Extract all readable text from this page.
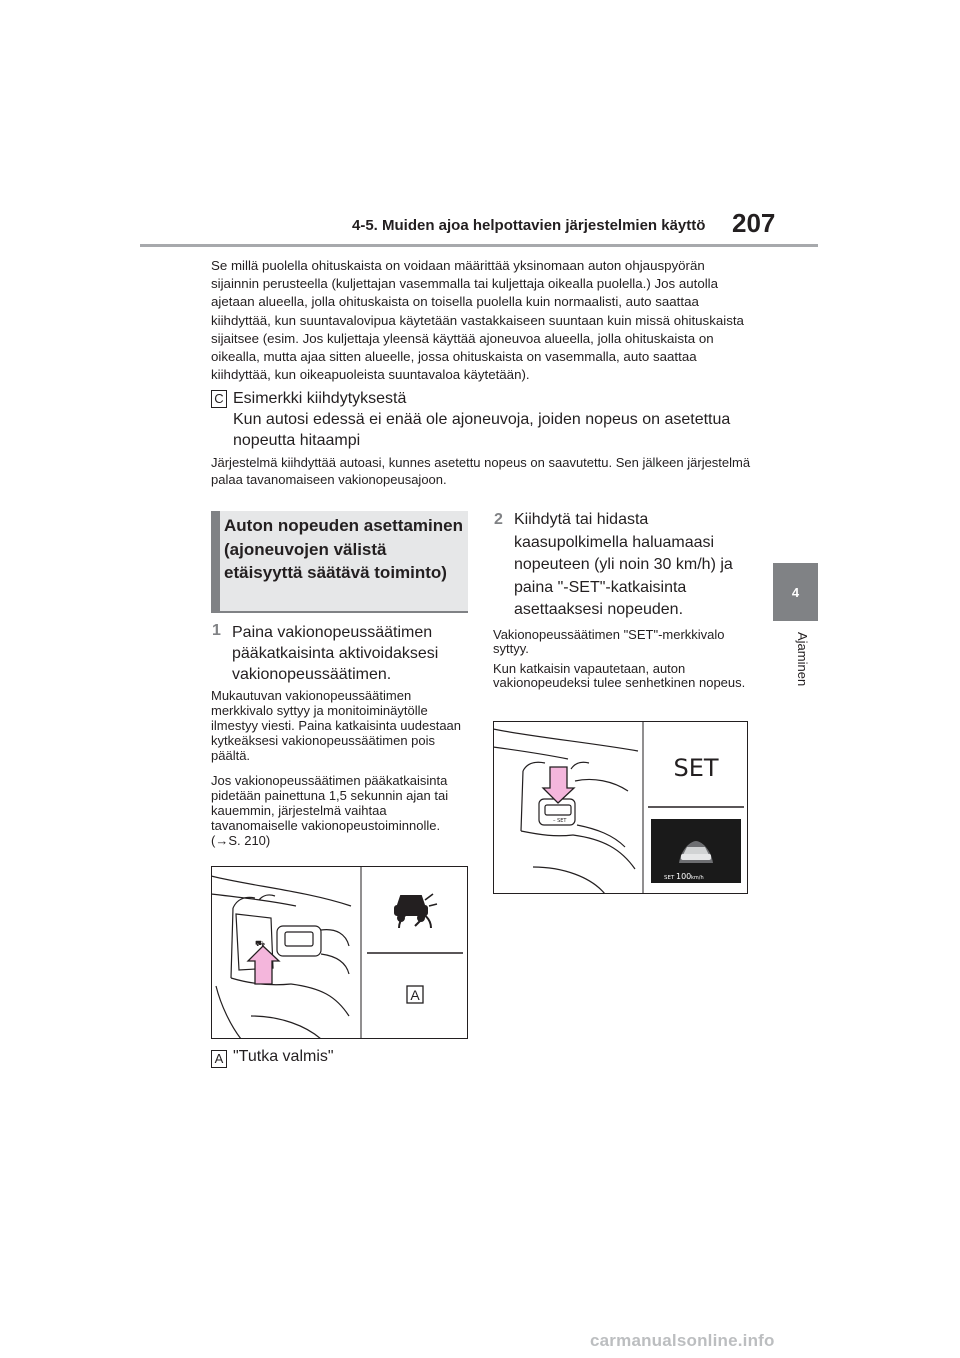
4-5. Muiden ajoa helpottavien järjestelmien käyttö 207
4
Ajaminen
Se millä puolella ohituskaista on voidaan määrittää yksinomaan auton ohjauspyörän sijainnin perusteella (kuljettajan vasemmalla tai kuljettaja oikealla puolella.) Jos autolla ajetaan alueella, jolla ohituskaista on toisella puolella kuin normaalisti, auto saattaa kiihdyttää, kun suuntavalovipua käytetään vastakkaiseen suuntaan kuin missä ohituskaista sijaitsee (esim. Jos kuljettaja yleensä käyttää ajoneuvoa alueella, jolla ohituskaista on oikealla, mutta ajaa sitten alueelle, jossa ohituskaista on vasemmalla, auto saattaa kiihdyttää, kun oikeapuoleista suuntavaloa käytetään).
C Esimerkki kiihdytyksestä
Kun autosi edessä ei enää ole ajoneuvoja, joiden nopeus on asetettua nopeutta hitaampi
Järjestelmä kiihdyttää autoasi, kunnes asetettu nopeus on saavutettu. Sen jälkeen järjestelmä palaa tavanomaiseen vakionopeusajoon.
Auton nopeuden asettaminen (ajoneuvojen välistä etäisyyttä säätävä toiminto)
1 Paina vakionopeussäätimen pääkatkaisinta aktivoidaksesi vakionopeussäätimen.
Mukautuvan vakionopeussäätimen merkkivalo syttyy ja monitoiminäytölle ilmestyy viesti. Paina katkaisinta uudestaan kytkeäksesi vakionopeussäätimen pois päältä.
Jos vakionopeussäätimen pääkatkaisinta pidetään painettuna 1,5 sekunnin ajan tai kauemmin, järjestelmä vaihtaa tavanomaiselle vakionopeustoiminnolle. (→S. 210)
⛟
A
A "Tutka valmis"
2 Kiihdytä tai hidasta kaasupolkimella haluamaasi nopeuteen (yli noin 30 km/h) ja paina "-SET"-katkaisinta asettaaksesi nopeuden.
Vakionopeussäätimen "SET"-merkkivalo syttyy.
Kun katkaisin vapautetaan, auton vakionopeudeksi tulee senhetkinen nopeus.
– SET
SET
SET 100 km/h
carmanualsonline.info
